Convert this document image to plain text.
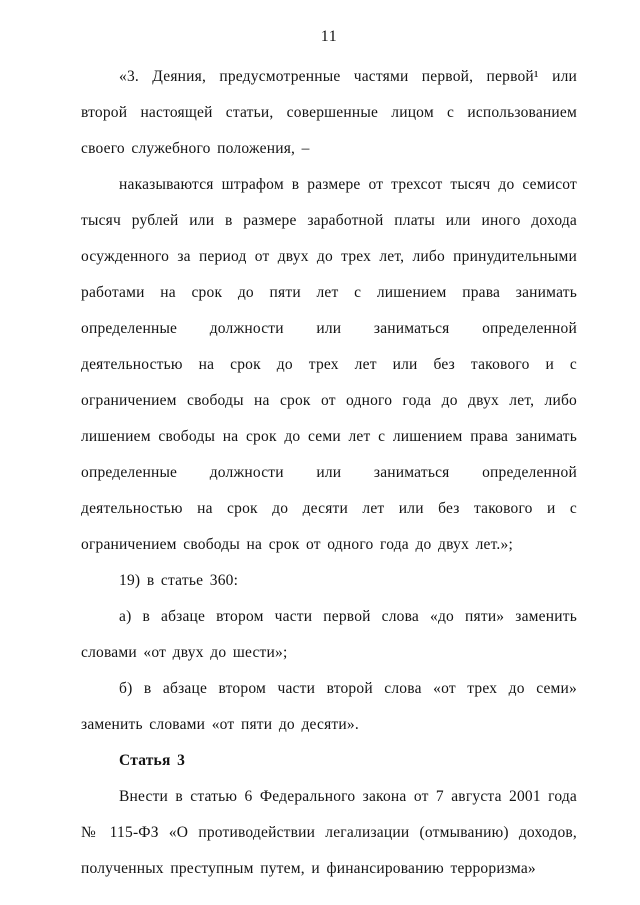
11

«3. Деяния, предусмотренные частями первой, первой¹ или второй настоящей статьи, совершенные лицом с использованием своего служебного положения, –

наказываются штрафом в размере от трехсот тысяч до семисот тысяч рублей или в размере заработной платы или иного дохода осужденного за период от двух до трех лет, либо принудительными работами на срок до пяти лет с лишением права занимать определенные должности или заниматься определенной деятельностью на срок до трех лет или без такового и с ограничением свободы на срок от одного года до двух лет, либо лишением свободы на срок до семи лет с лишением права занимать определенные должности или заниматься определенной деятельностью на срок до десяти лет или без такового и с ограничением свободы на срок от одного года до двух лет.»;

19) в статье 360:

а) в абзаце втором части первой слова «до пяти» заменить словами «от двух до шести»;

б) в абзаце втором части второй слова «от трех до семи» заменить словами «от пяти до десяти».

Статья 3

Внести в статью 6 Федерального закона от 7 августа 2001 года № 115-ФЗ «О противодействии легализации (отмыванию) доходов, полученных преступным путем, и финансированию терроризма»
